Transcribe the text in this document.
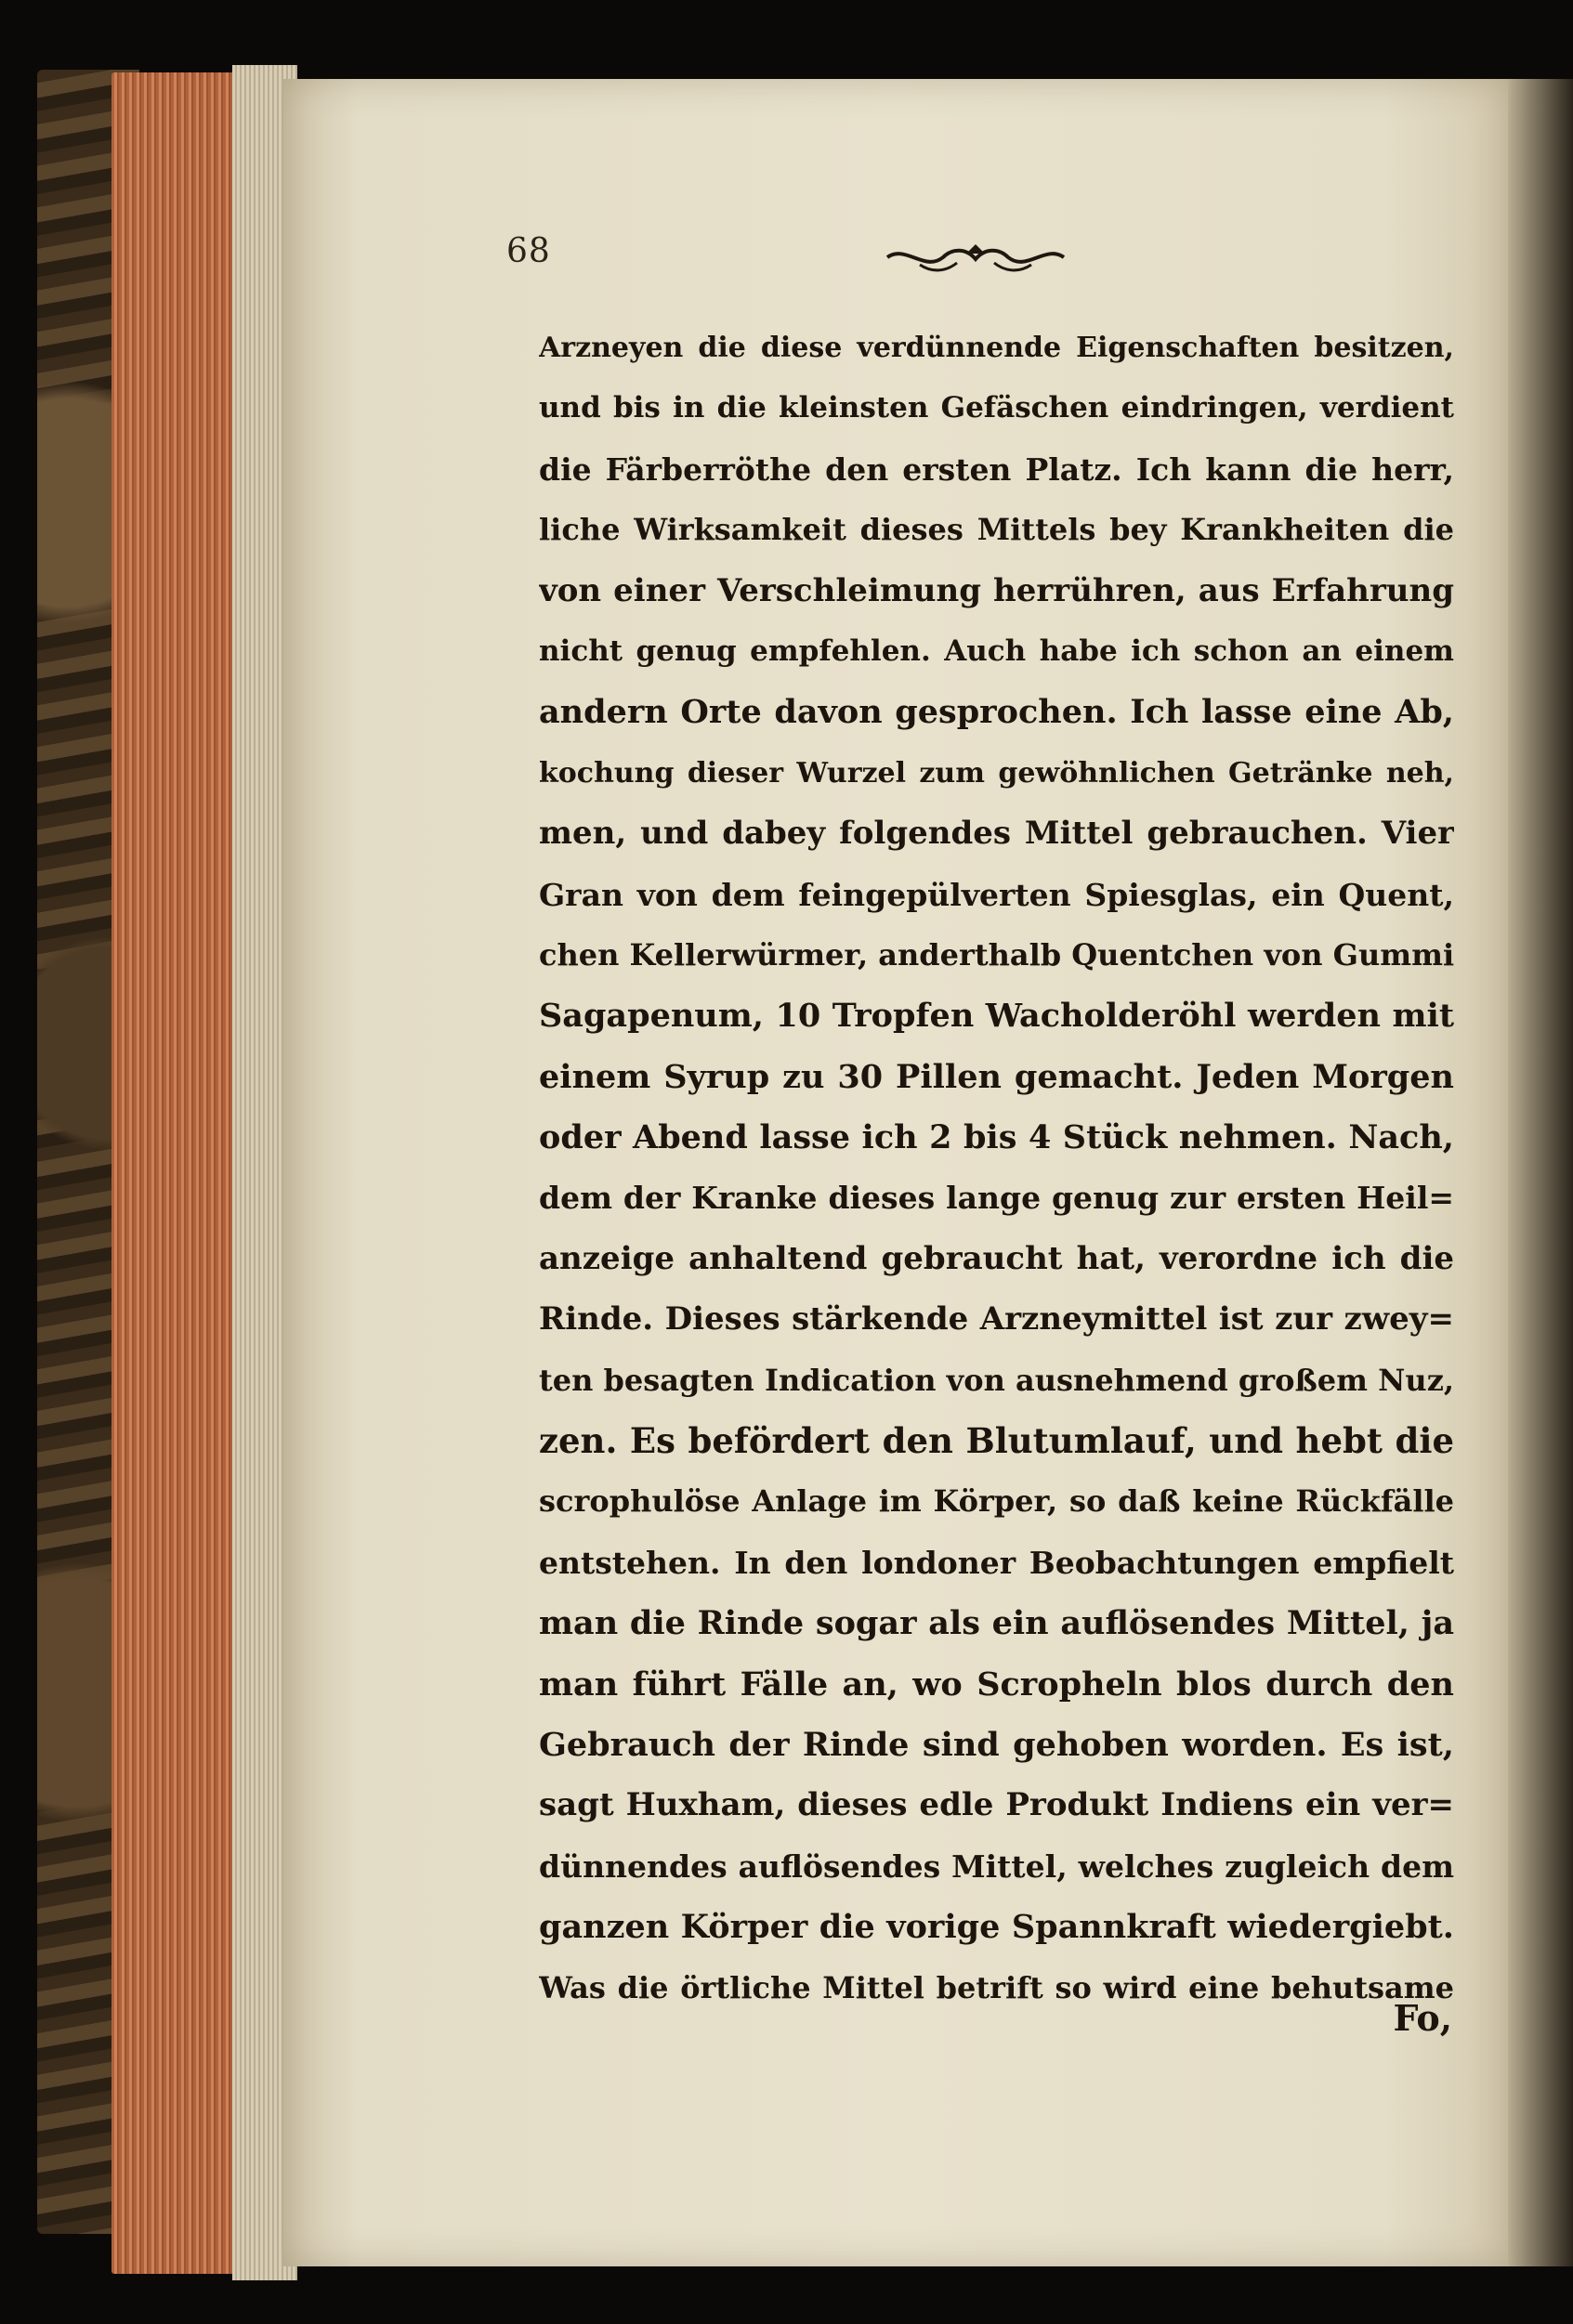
68
Arzneyen die diese verdünnende Eigenschaften besitzen,
und bis in die kleinsten Gefäschen eindringen, verdient
die Färberröthe den ersten Platz. Ich kann die herr,
liche Wirksamkeit dieses Mittels bey Krankheiten die
von einer Verschleimung herrühren, aus Erfahrung
nicht genug empfehlen. Auch habe ich schon an einem
andern Orte davon gesprochen. Ich lasse eine Ab,
kochung dieser Wurzel zum gewöhnlichen Getränke neh,
men, und dabey folgendes Mittel gebrauchen. Vier
Gran von dem feingepülverten Spiesglas, ein Quent,
chen Kellerwürmer, anderthalb Quentchen von Gummi
Sagapenum, 10 Tropfen Wacholderöhl werden mit
einem Syrup zu 30 Pillen gemacht. Jeden Morgen
oder Abend lasse ich 2 bis 4 Stück nehmen. Nach,
dem der Kranke dieses lange genug zur ersten Heil=
anzeige anhaltend gebraucht hat, verordne ich die
Rinde. Dieses stärkende Arzneymittel ist zur zwey=
ten besagten Indication von ausnehmend großem Nuz,
zen. Es befördert den Blutumlauf, und hebt die
scrophulöse Anlage im Körper, so daß keine Rückfälle
entstehen. In den londoner Beobachtungen empfielt
man die Rinde sogar als ein auflösendes Mittel, ja
man führt Fälle an, wo Scropheln blos durch den
Gebrauch der Rinde sind gehoben worden. Es ist,
sagt Huxham, dieses edle Produkt Indiens ein ver=
dünnendes auflösendes Mittel, welches zugleich dem
ganzen Körper die vorige Spannkraft wiedergiebt.
Was die örtliche Mittel betrift so wird eine behutsame
Fo,
